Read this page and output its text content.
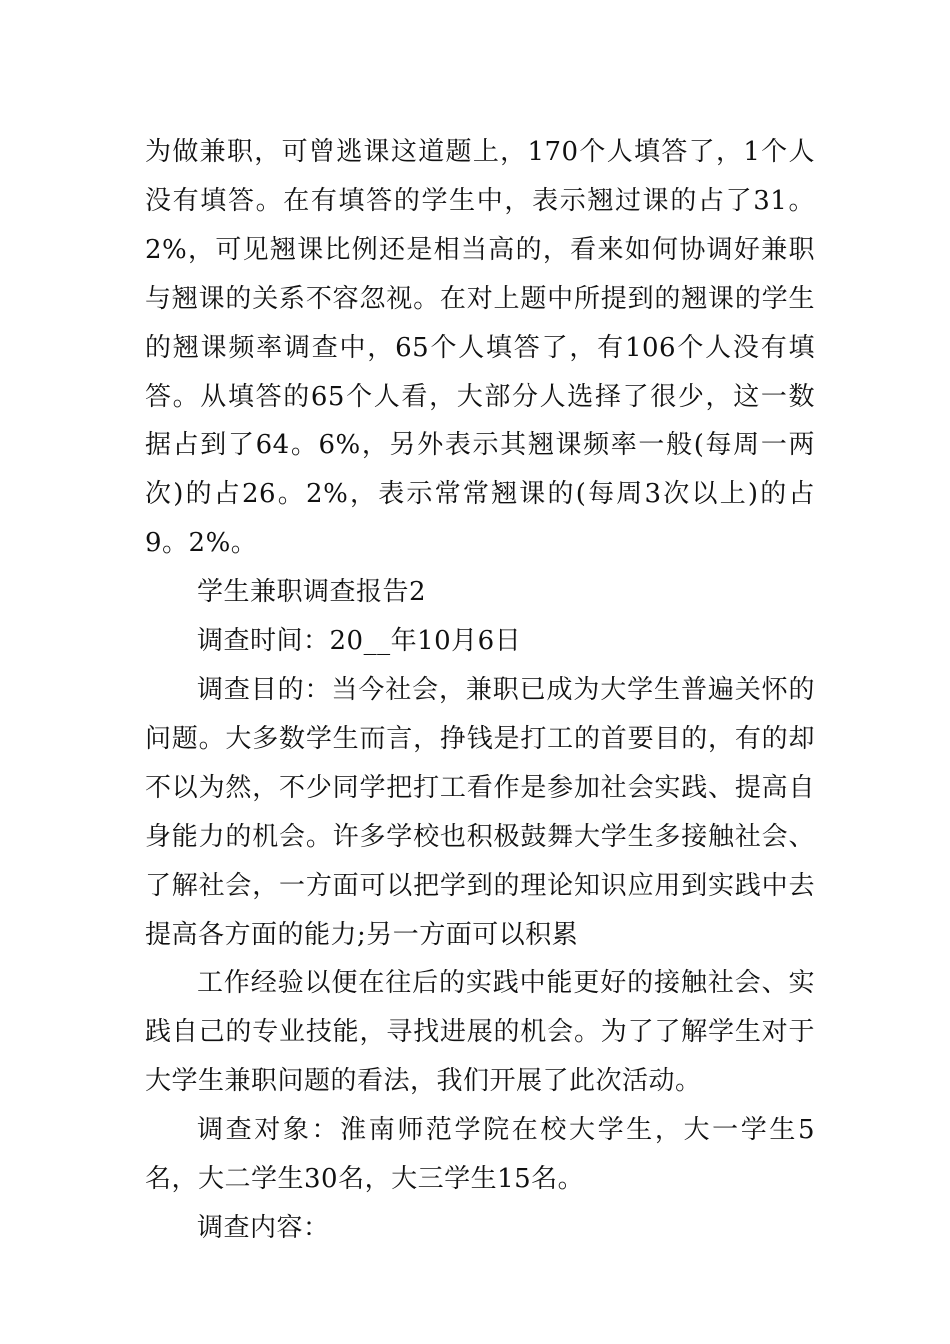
为做兼职，可曾逃课这道题上，170个人填答了，1个人没有填答。在有填答的学生中，表示翘过课的占了31。2%，可见翘课比例还是相当高的，看来如何协调好兼职与翘课的关系不容忽视。在对上题中所提到的翘课的学生的翘课频率调查中，65个人填答了，有106个人没有填答。从填答的65个人看，大部分人选择了很少，这一数据占到了64。6%，另外表示其翘课频率一般(每周一两次)的占26。2%，表示常常翘课的(每周3次以上)的占9。2%。

学生兼职调查报告2

调查时间：20__年10月6日

调查目的：当今社会，兼职已成为大学生普遍关怀的问题。大多数学生而言，挣钱是打工的首要目的，有的却不以为然，不少同学把打工看作是参加社会实践、提高自身能力的机会。许多学校也积极鼓舞大学生多接触社会、了解社会，一方面可以把学到的理论知识应用到实践中去提高各方面的能力;另一方面可以积累

工作经验以便在往后的实践中能更好的接触社会、实践自己的专业技能，寻找进展的机会。为了了解学生对于大学生兼职问题的看法，我们开展了此次活动。

调查对象：淮南师范学院在校大学生，大一学生5名，大二学生30名，大三学生15名。

调查内容：
